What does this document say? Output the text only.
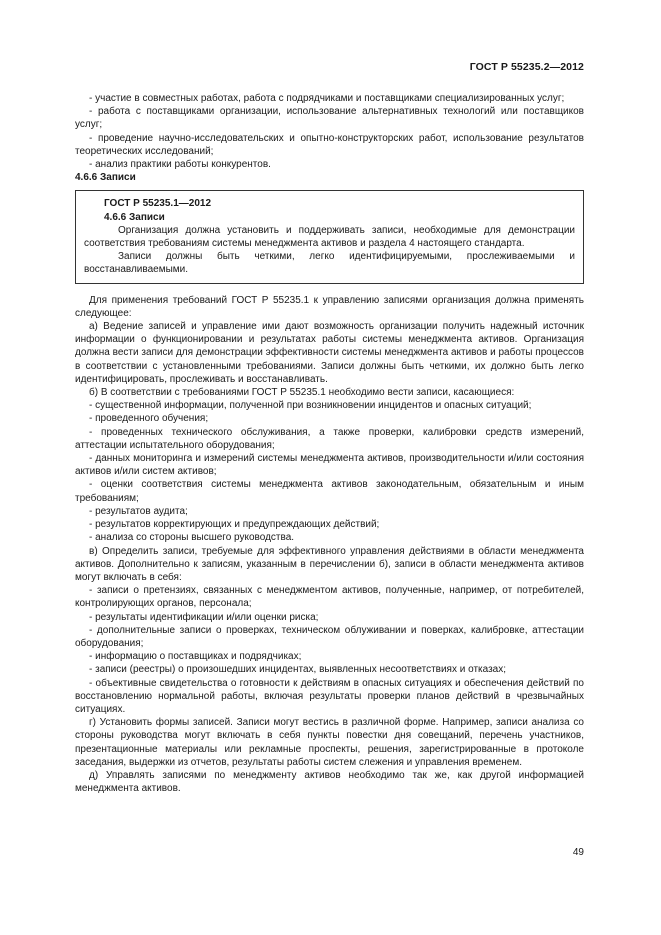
ГОСТ Р 55235.2—2012

- участие в совместных работах, работа с подрядчиками и поставщиками специализированных услуг;

- работа с поставщиками организации, использование альтернативных технологий или поставщиков услуг;

- проведение научно-исследовательских и опытно-конструкторских работ, использование результатов теоретических исследований;

- анализ практики работы конкурентов.

4.6.6 Записи

ГОСТ Р 55235.1—2012

4.6.6 Записи

Организация должна установить и поддерживать записи, необходимые для демонстрации соответствия требованиям системы менеджмента активов и раздела 4 настоящего стандарта.

Записи должны быть четкими, легко идентифицируемыми, прослеживаемыми и восстанавливаемыми.

Для применения требований ГОСТ Р 55235.1 к управлению записями организация должна применять следующее:

а) Ведение записей и управление ими дают возможность организации получить надежный источник информации о функционировании и результатах работы системы менеджмента активов. Организация должна вести записи для демонстрации эффективности системы менеджмента активов и работы процессов в соответствии с установленными требованиями. Записи должны быть четкими, их должно быть легко идентифицировать, прослеживать и восстанавливать.

б) В соответствии с требованиями ГОСТ Р 55235.1 необходимо вести записи, касающиеся:

- существенной информации, полученной при возникновении инцидентов и опасных ситуаций;

- проведенного обучения;

- проведенных технического обслуживания, а также проверки, калибровки средств измерений, аттестации испытательного оборудования;

- данных мониторинга и измерений системы менеджмента активов, производительности и/или состояния активов и/или систем активов;

- оценки соответствия системы менеджмента активов законодательным, обязательным и иным требованиям;

- результатов аудита;

- результатов корректирующих и предупреждающих действий;

- анализа со стороны высшего руководства.

в) Определить записи, требуемые для эффективного управления действиями в области менеджмента активов. Дополнительно к записям, указанным в перечислении б), записи в области менеджмента активов могут включать в себя:

- записи о претензиях, связанных с менеджментом активов, полученные, например, от потребителей, контролирующих органов, персонала;

- результаты идентификации и/или оценки риска;

- дополнительные записи о проверках, техническом облуживании и поверках, калибровке, аттестации оборудования;

- информацию о поставщиках и подрядчиках;

- записи (реестры) о произошедших инцидентах, выявленных несоответствиях и отказах;

- объективные свидетельства о готовности к действиям в опасных ситуациях и обеспечения действий по восстановлению нормальной работы, включая результаты проверки планов действий в чрезвычайных ситуациях.

г) Установить формы записей. Записи могут вестись в различной форме. Например, записи анализа со стороны руководства могут включать в себя пункты повестки дня совещаний, перечень участников, презентационные материалы или рекламные проспекты, решения, зарегистрированные в протоколе заседания, выдержки из отчетов, результаты работы систем слежения и управления временем.

д) Управлять записями по менеджменту активов необходимо так же, как другой информацией менеджмента активов.

49
